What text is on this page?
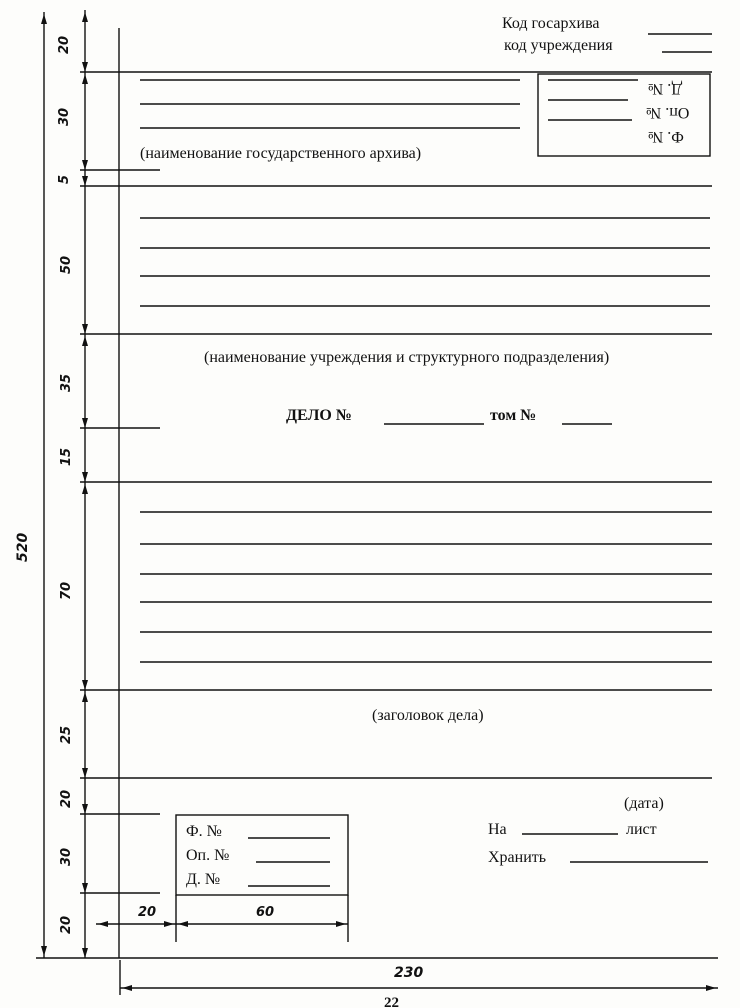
Код госархива
код учреждения
Д. №
Оп. №
Ф. №
(наименование государственного архива)
(наименование учреждения и структурного подразделения)
ДЕЛО №	том №
(заголовок дела)
(дата)
На	лист
Хранить
Ф. №
Оп. №
Д. №
20
30
5
50
35
15
70
25
20
30
20
520
20	60
230
22
